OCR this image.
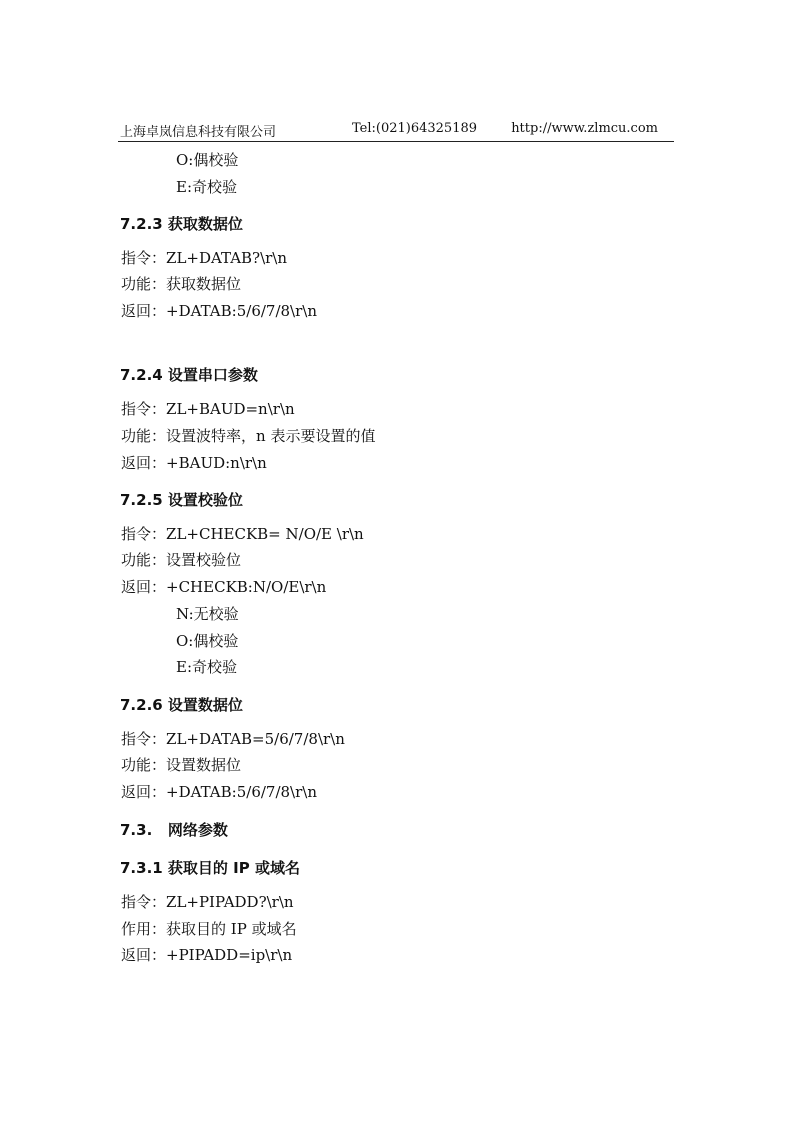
上海卓岚信息科技有限公司	Tel:(021)64325189	http://www.zlmcu.com
O:偶校验
E:奇校验
7.2.3 获取数据位
指令：ZL+DATAB?\r\n
功能：获取数据位
返回：+DATAB:5/6/7/8\r\n
7.2.4 设置串口参数
指令：ZL+BAUD=n\r\n
功能：设置波特率，n 表示要设置的值
返回：+BAUD:n\r\n
7.2.5 设置校验位
指令：ZL+CHECKB= N/O/E \r\n
功能：设置校验位
返回：+CHECKB:N/O/E\r\n
N:无校验
O:偶校验
E:奇校验
7.2.6 设置数据位
指令：ZL+DATAB=5/6/7/8\r\n
功能：设置数据位
返回：+DATAB:5/6/7/8\r\n
7.3.   网络参数
7.3.1 获取目的 IP 或域名
指令：ZL+PIPADD?\r\n
作用：获取目的 IP 或域名
返回：+PIPADD=ip\r\n
